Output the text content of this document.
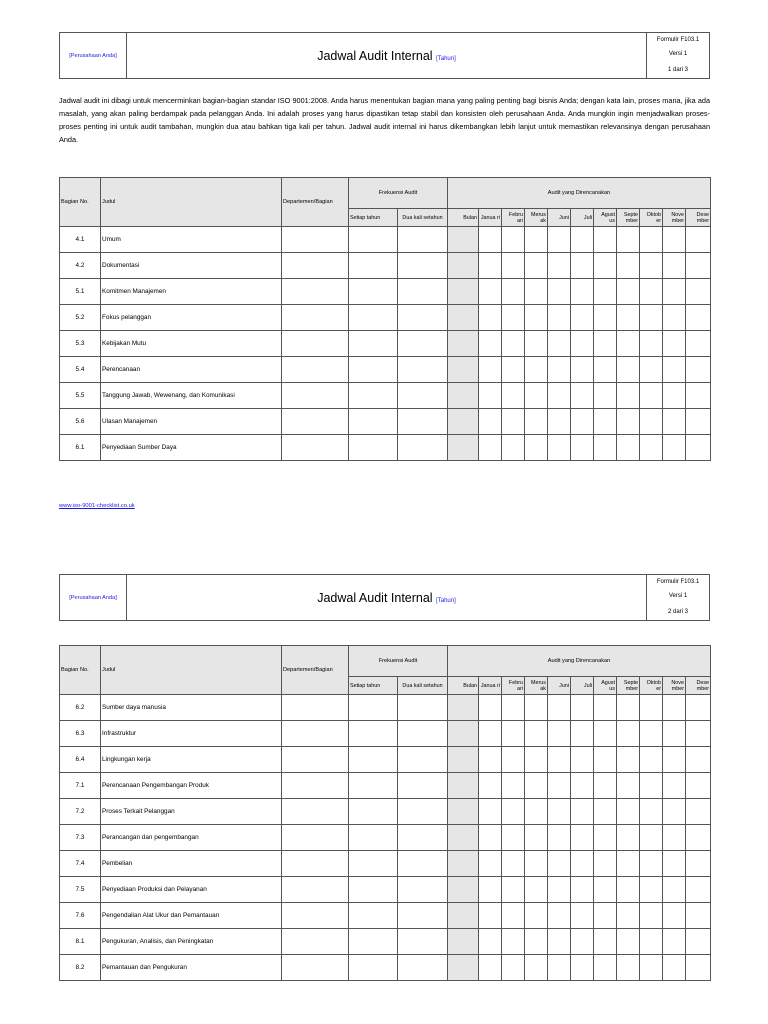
[Perusahaan Anda]	Jadwal Audit Internal [Tahun]	
Formulir F103.1
Versi 1
1 dari 3

Jadwal audit ini dibagi untuk mencerminkan bagian-bagian standar ISO 9001:2008. Anda harus menentukan bagian mana yang paling penting bagi bisnis Anda; dengan kata lain, proses mana, jika ada masalah, yang akan paling berdampak pada pelanggan Anda. Ini adalah proses yang harus dipastikan tetap stabil dan konsisten oleh perusahaan Anda. Anda mungkin ingin menjadwalkan proses-proses penting ini untuk audit tambahan, mungkin dua atau bahkan tiga kali per tahun. Jadwal audit internal ini harus dikembangkan lebih lanjut untuk memastikan relevansinya dengan perusahaan Anda.

Bagian No.	Judul	Departemen/Bagian	Frekuensi Audit		Audit yang Direncanakan										
			Setiap tahun	Dua kali setahun	Bulan	Janua ri	Febru ari	Merus ak	Juni	Juli	Agust us	Septe mber	Oktob er	Nove mber	Dese mber
4.1	Umum														
4.2	Dokumentasi														
5.1	Komitmen Manajemen														
5.2	Fokus pelanggan														
5.3	Kebijakan Mutu														
5.4	Perencanaan														
5.5	Tanggung Jawab, Wewenang, dan Komunikasi														
5.6	Ulasan Manajemen														
6.1	Penyediaan Sumber Daya														
www.iso-9001-checklist.co.uk
[Perusahaan Anda]	Jadwal Audit Internal [Tahun]	
Formulir F103.1
Versi 1
2 dari 3
Bagian No.	Judul	Departemen/Bagian	Frekuensi Audit		Audit yang Direncanakan										
			Setiap tahun	Dua kali setahun	Bulan	Janua ri	Febru ari	Merus ak	Juni	Juli	Agust us	Septe mber	Oktob er	Nove mber	Dese mber
6.2	Sumber daya manusia														
6.3	Infrastruktur														
6.4	Lingkungan kerja														
7.1	Perencanaan Pengembangan Produk														
7.2	Proses Terkait Pelanggan														
7.3	Perancangan dan pengembangan														
7.4	Pembelian														
7.5	Penyediaan Produksi dan Pelayanan														
7.6	Pengendalian Alat Ukur dan Pemantauan														
8.1	Pengukuran, Analisis, dan Peningkatan														
8.2	Pemantauan dan Pengukuran														
